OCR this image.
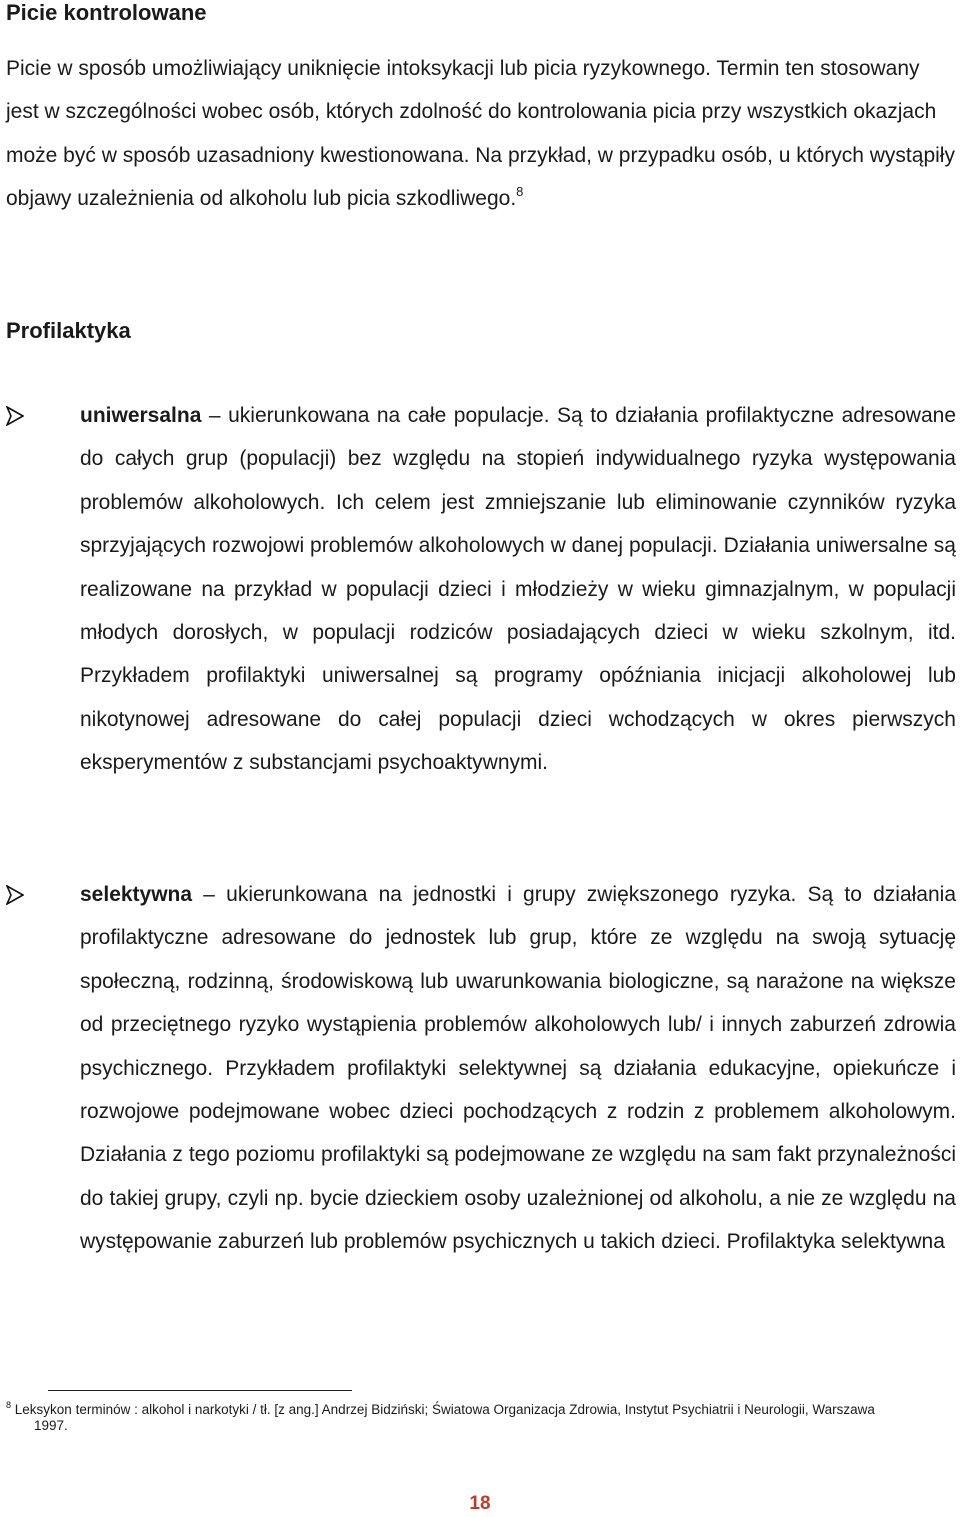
Picie kontrolowane

Picie w sposób umożliwiający uniknięcie intoksykacji lub picia ryzykownego. Termin ten stosowany jest w szczególności wobec osób, których zdolność do kontrolowania picia przy wszystkich okazjach może być w sposób uzasadniony kwestionowana. Na przykład, w przypadku osób, u których wystąpiły objawy uzależnienia od alkoholu lub picia szkodliwego.$^8$

Profilaktyka
uniwersalna – ukierunkowana na całe populacje. Są to działania profilaktyczne adresowane do całych grup (populacji) bez względu na stopień indywidualnego ryzyka występowania problemów alkoholowych. Ich celem jest zmniejszanie lub eliminowanie czynników ryzyka sprzyjających rozwojowi problemów alkoholowych w danej populacji. Działania uniwersalne są realizowane na przykład w populacji dzieci i młodzieży w wieku gimnazjalnym, w populacji młodych dorosłych, w populacji rodziców posiadających dzieci w wieku szkolnym, itd. Przykładem profilaktyki uniwersalnej są programy opóźniania inicjacji alkoholowej lub nikotynowej adresowane do całej populacji dzieci wchodzących w okres pierwszych eksperymentów z substancjami psychoaktywnymi.
selektywna – ukierunkowana na jednostki i grupy zwiększonego ryzyka. Są to działania profilaktyczne adresowane do jednostek lub grup, które ze względu na swoją sytuację społeczną, rodzinną, środowiskową lub uwarunkowania biologiczne, są narażone na większe od przeciętnego ryzyko wystąpienia problemów alkoholowych lub/ i innych zaburzeń zdrowia psychicznego. Przykładem profilaktyki selektywnej są działania edukacyjne, opiekuńcze i rozwojowe podejmowane wobec dzieci pochodzących z rodzin z problemem alkoholowym. Działania z tego poziomu profilaktyki są podejmowane ze względu na sam fakt przynależności do takiej grupy, czyli np. bycie dzieckiem osoby uzależnionej od alkoholu, a nie ze względu na występowanie zaburzeń lub problemów psychicznych u takich dzieci. Profilaktyka selektywna

$^8$ Leksykon terminów : alkohol i narkotyki / tł. [z ang.] Andrzej Bidziński; Światowa Organizacja Zdrowia, Instytut Psychiatrii i Neurologii, Warszawa
1997.

18
